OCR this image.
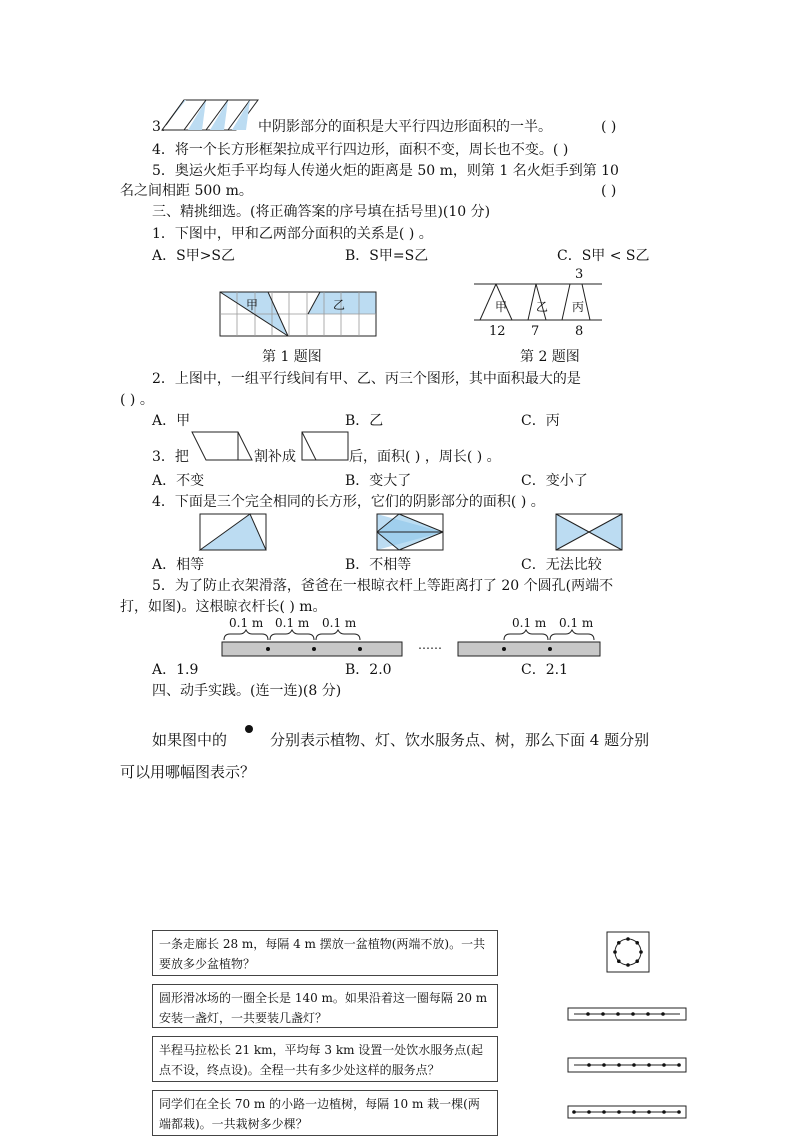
3.	中阴影部分的面积是大平行四边形面积的一半。	( )
4．将一个长方形框架拉成平行四边形，面积不变，周长也不变。( )
5．奥运火炬手平均每人传递火炬的距离是 50 m，则第 1 名火炬手到第 10
名之间相距 500 m。	( )
三、精挑细选。(将正确答案的序号填在括号里)(10 分)
1．下图中，甲和乙两部分面积的关系是( ) 。
A．S甲>S乙	B．S甲=S乙	C．S甲 < S乙
甲	乙
3
甲 乙 丙
12 7	8
第 1 题图	第 2 题图
2．上图中，一组平行线间有甲、乙、丙三个图形，其中面积最大的是
( ) 。
A．甲	B．乙	C．丙
3．把	割补成	后，面积( ) ，周长( ) 。
A．不变	B．变大了	C．变小了
4．下面是三个完全相同的长方形，它们的阴影部分的面积( ) 。
A．相等	B．不相等	C．无法比较
5．为了防止衣架滑落，爸爸在一根晾衣杆上等距离打了 20 个圆孔(两端不
打，如图)。这根晾衣杆长( ) m。
0.1 m 0.1 m 0.1 m	0.1 m 0.1 m
……
A．1.9	B．2.0	C．2.1
四、动手实践。(连一连)(8 分)
如果图中的	分别表示植物、灯、饮水服务点、树，那么下面 4 题分别
可以用哪幅图表示？
一条走廊长 28 m，每隔 4 m 摆放一盆植物(两端不放)。一共要放多少盆植物？
圆形滑冰场的一圈全长是 140 m。如果沿着这一圈每隔 20 m 安装一盏灯，一共要装几盏灯？
半程马拉松长 21 km，平均每 3 km 设置一处饮水服务点(起点不设，终点设)。全程一共有多少处这样的服务点？
同学们在全长 70 m 的小路一边植树，每隔 10 m 栽一棵(两端都栽)。一共栽树多少棵？
